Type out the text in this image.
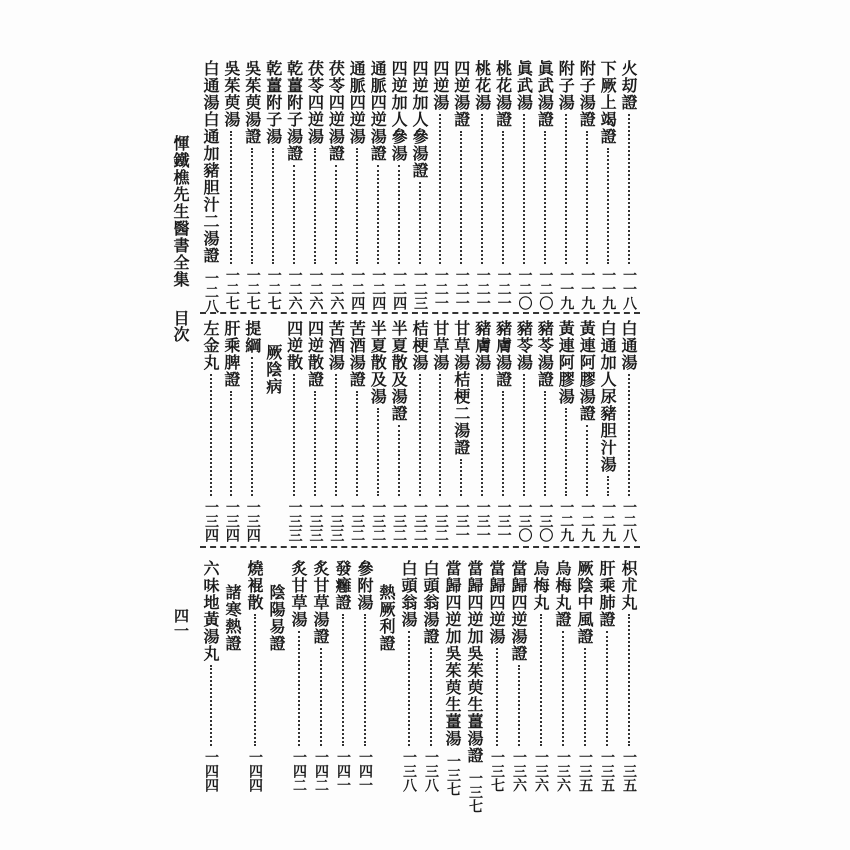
惲鐵樵先生醫書全集
目次
四一
火刧證
一一八
下厥上竭證
一一九
附子湯證
一一九
附子湯
一一九
眞武湯證
一二〇
眞武湯
一二〇
桃花湯證
一二一
桃花湯
一二一
四逆湯證
一二一
四逆湯
一二一
四逆加人參湯證
一二三
四逆加人參湯
一二四
通脈四逆湯證
一二四
通脈四逆湯
一二四
茯苓四逆湯證
一二六
茯苓四逆湯
一二六
乾薑附子湯證
一二六
乾薑附子湯
一二七
吳茱萸湯證
一二七
吳茱萸湯
一二七
白通湯白通加豬胆汁二湯證
一二八
白通湯
一二八
白通加人尿豬胆汁湯
一二九
黃連阿膠湯證
一二九
黃連阿膠湯
一二九
豬苓湯證
一三〇
豬苓湯
一三〇
豬膚湯證
一三一
豬膚湯
一三一
甘草湯桔梗二湯證
一三一
甘草湯
一三二
桔梗湯
一三二
半夏散及湯證
一三二
半夏散及湯
一三二
苦酒湯證
一三二
苦酒湯
一三三
四逆散證
一三三
四逆散
一三三
厥陰病
提綱
一三四
肝乘脾證
一三四
左金丸
一三四
枳朮丸
一三五
肝乘肺證
一三五
厥陰中風證
一三五
烏梅丸證
一三六
烏梅丸
一三六
當歸四逆湯證
一三六
當歸四逆湯
一三七
當歸四逆加吳茱萸生薑湯證
一三七
當歸四逆加吳茱萸生薑湯
一三七
白頭翁湯證
一三八
白頭翁湯
一三八
熱厥利證
參附湯
一四一
發癰證
一四一
炙甘草湯證
一四二
炙甘草湯
一四二
陰陽易證
燒裩散
一四四
諸寒熱證
六味地黃湯丸
一四四
